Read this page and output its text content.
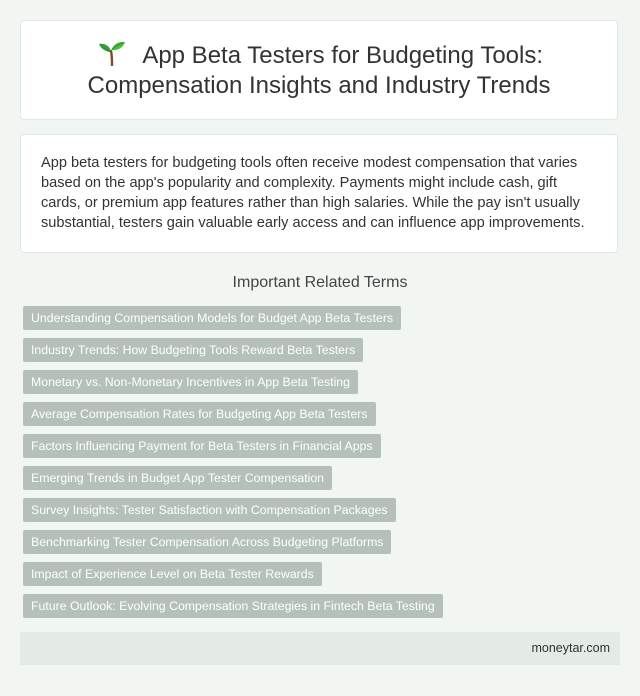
App Beta Testers for Budgeting Tools: Compensation Insights and Industry Trends

App beta testers for budgeting tools often receive modest compensation that varies based on the app's popularity and complexity. Payments might include cash, gift cards, or premium app features rather than high salaries. While the pay isn't usually substantial, testers gain valuable early access and can influence app improvements.

Important Related Terms
Understanding Compensation Models for Budget App Beta Testers
Industry Trends: How Budgeting Tools Reward Beta Testers
Monetary vs. Non-Monetary Incentives in App Beta Testing
Average Compensation Rates for Budgeting App Beta Testers
Factors Influencing Payment for Beta Testers in Financial Apps
Emerging Trends in Budget App Tester Compensation
Survey Insights: Tester Satisfaction with Compensation Packages
Benchmarking Tester Compensation Across Budgeting Platforms
Impact of Experience Level on Beta Tester Rewards
Future Outlook: Evolving Compensation Strategies in Fintech Beta Testing
moneytar.com
